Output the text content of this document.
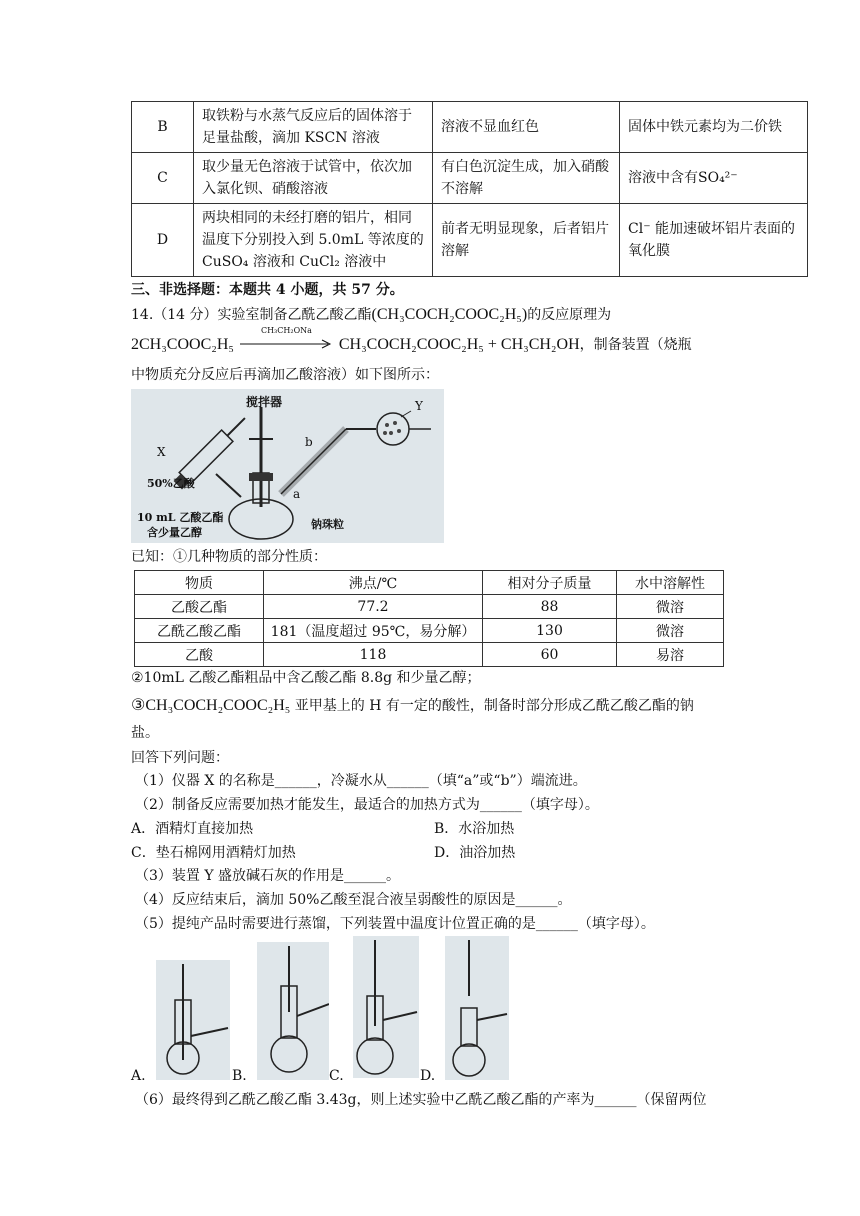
B	取铁粉与水蒸气反应后的固体溶于足量盐酸，滴加 KSCN 溶液	溶液不显血红色	固体中铁元素均为二价铁
C	取少量无色溶液于试管中，依次加入氯化钡、硝酸溶液	有白色沉淀生成，加入硝酸不溶解	溶液中含有SO₄²⁻
D	两块相同的未经打磨的铝片，相同温度下分别投入到 5.0mL 等浓度的 CuSO₄ 溶液和 CuCl₂ 溶液中	前者无明显现象，后者铝片溶解	Cl⁻ 能加速破坏铝片表面的氧化膜
三、非选择题：本题共 4 小题，共 57 分。
14.（14 分）实验室制备乙酰乙酸乙酯(CH₃COCH₂COOC₂H₅)的反应原理为
2CH₃COOC₂H₅
CH₃CH₂ONa
CH₃COCH₂COOC₂H₅ + CH₃CH₂OH，制备装置（烧瓶
中物质充分反应后再滴加乙酸溶液）如下图所示：
搅拌器	Y
X
b
a
50%乙酸
10 mL 乙酸乙酯
含少量乙醇
钠珠粒
已知：①几种物质的部分性质：
物质	沸点/℃	相对分子质量	水中溶解性
乙酸乙酯	77.2	88	微溶
乙酰乙酸乙酯	181（温度超过 95℃，易分解）	130	微溶
乙酸	118	60	易溶
②10mL 乙酸乙酯粗品中含乙酸乙酯 8.8g 和少量乙醇；
③CH₃COCH₂COOC₂H₅ 亚甲基上的 H 有一定的酸性，制备时部分形成乙酰乙酸乙酯的钠
盐。
回答下列问题：
（1）仪器 X 的名称是______，冷凝水从______（填“a”或“b”）端流进。
（2）制备反应需要加热才能发生，最适合的加热方式为______（填字母）。
A．酒精灯直接加热	B．水浴加热
C．垫石棉网用酒精灯加热	D．油浴加热
（3）装置 Y 盛放碱石灰的作用是______。
（4）反应结束后，滴加 50%乙酸至混合液呈弱酸性的原因是______。
（5）提纯产品时需要进行蒸馏，下列装置中温度计位置正确的是______（填字母）。
A.	B.	C.	D.
（6）最终得到乙酰乙酸乙酯 3.43g，则上述实验中乙酰乙酸乙酯的产率为______（保留两位
